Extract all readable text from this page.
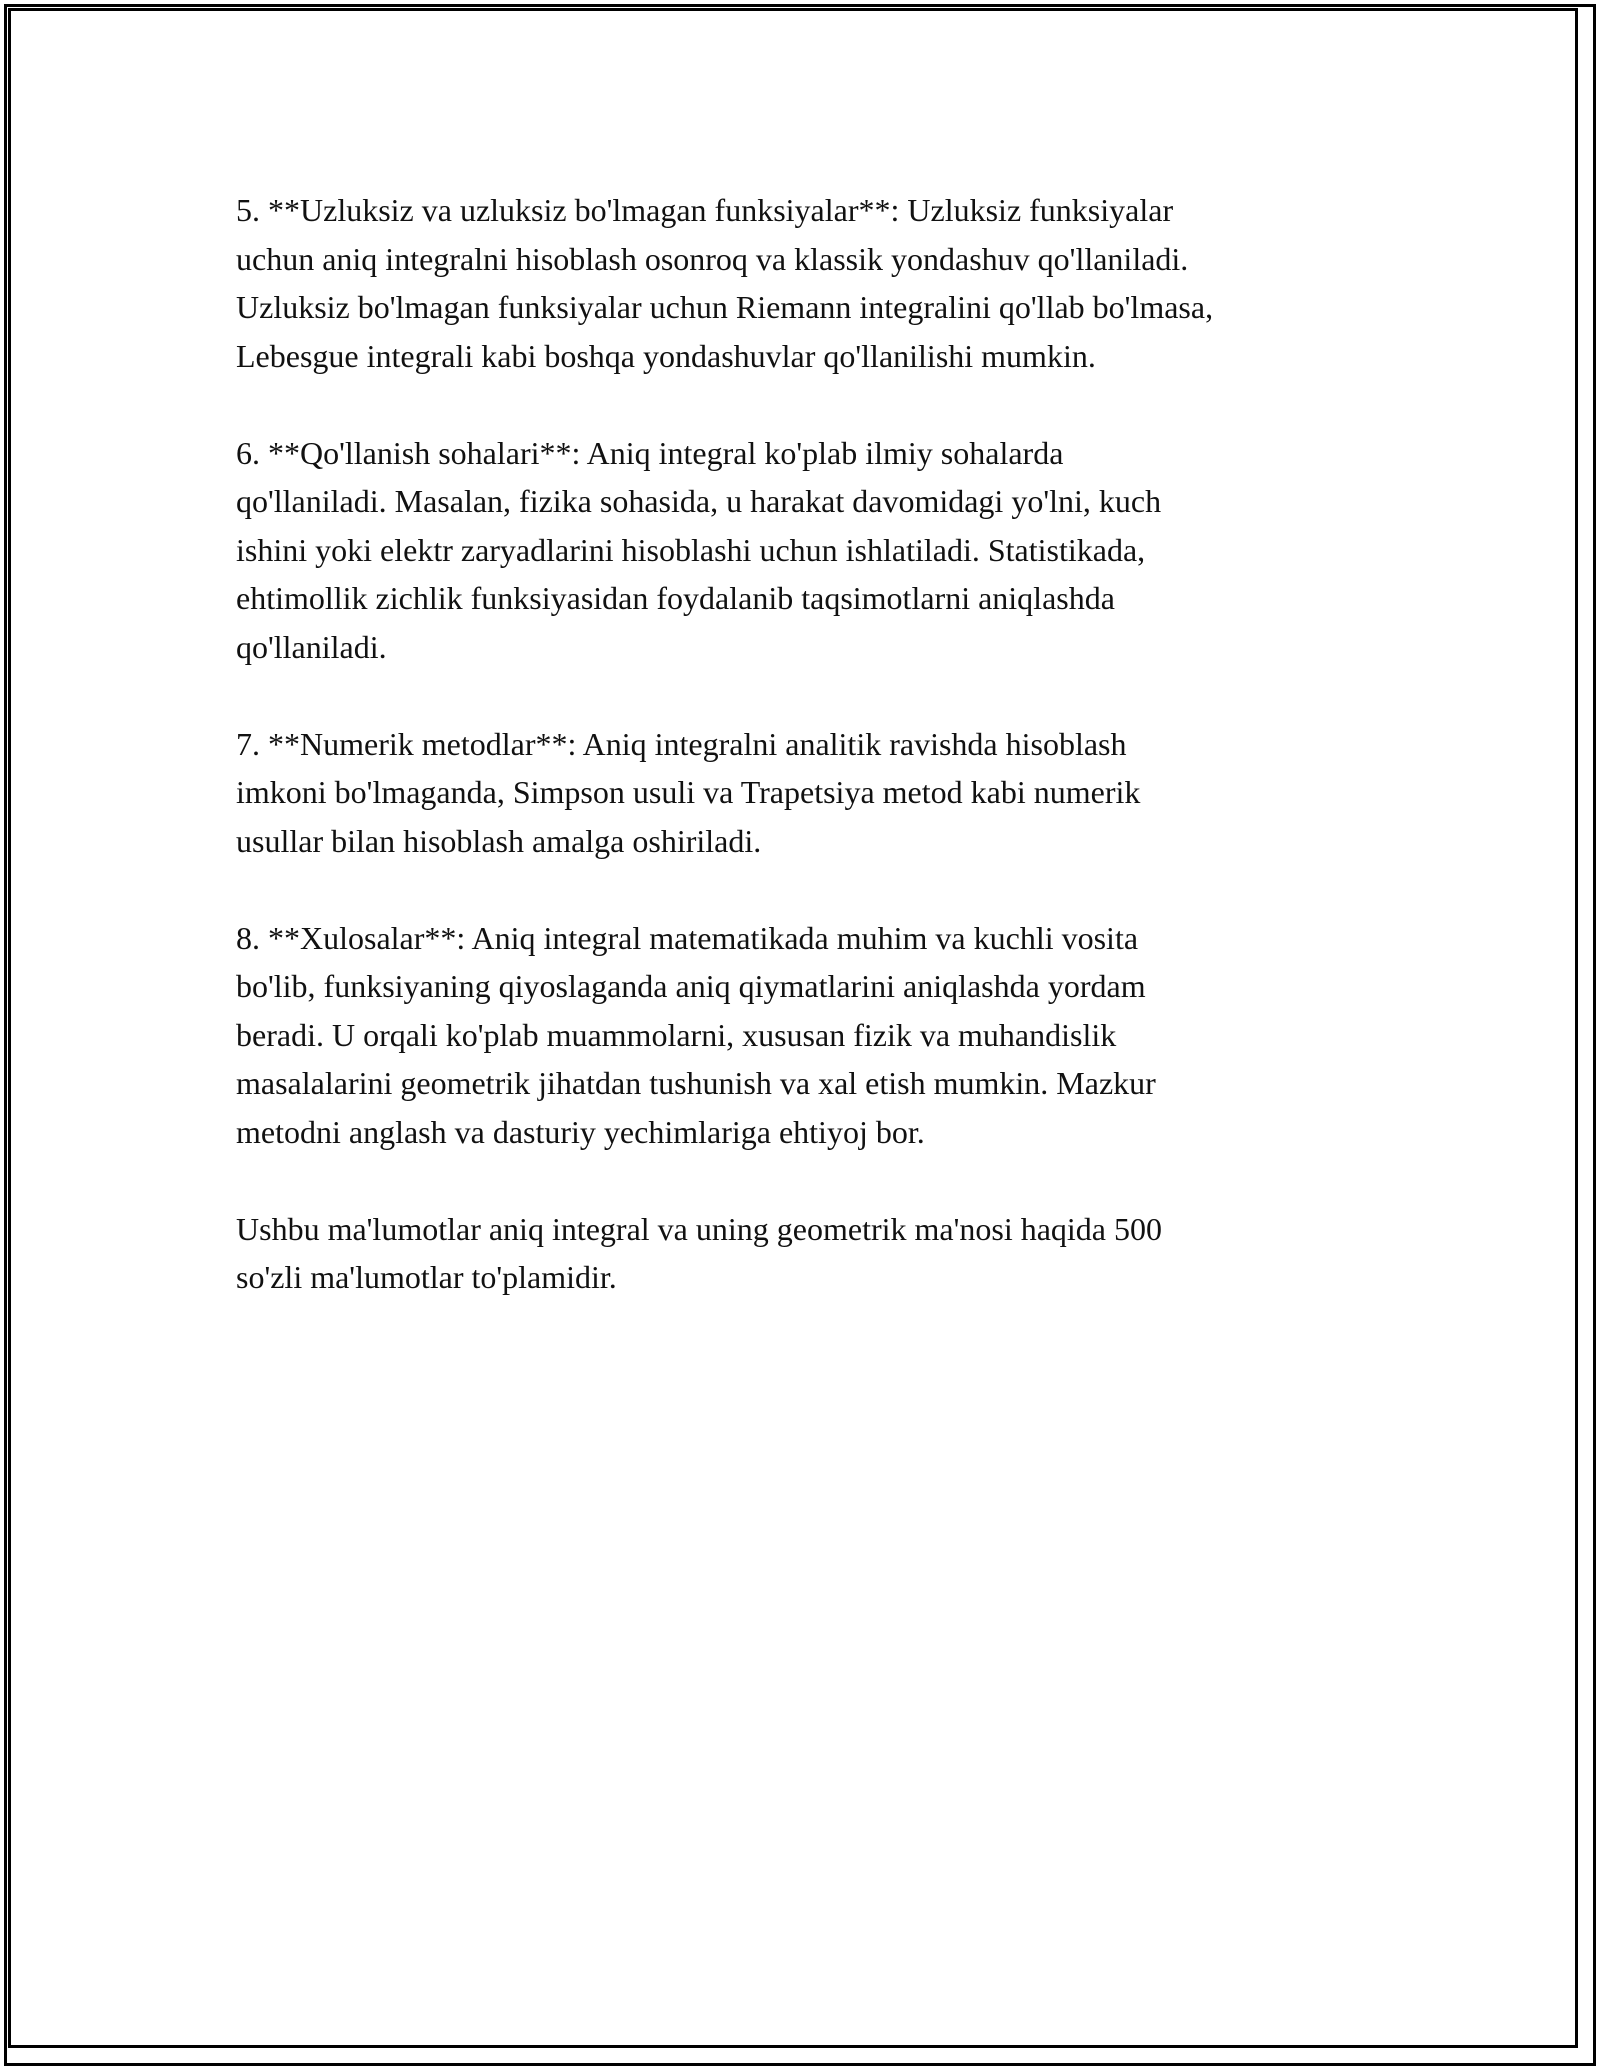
5. **Uzluksiz va uzluksiz bo'lmagan funksiyalar**: Uzluksiz funksiyalar
uchun aniq integralni hisoblash osonroq va klassik yondashuv qo'llaniladi.
Uzluksiz bo'lmagan funksiyalar uchun Riemann integralini qo'llab bo'lmasa,
Lebesgue integrali kabi boshqa yondashuvlar qo'llanilishi mumkin.

6. **Qo'llanish sohalari**: Aniq integral ko'plab ilmiy sohalarda
qo'llaniladi. Masalan, fizika sohasida, u harakat davomidagi yo'lni, kuch
ishini yoki elektr zaryadlarini hisoblashi uchun ishlatiladi. Statistikada,
ehtimollik zichlik funksiyasidan foydalanib taqsimotlarni aniqlashda
qo'llaniladi.

7. **Numerik metodlar**: Aniq integralni analitik ravishda hisoblash
imkoni bo'lmaganda, Simpson usuli va Trapetsiya metod kabi numerik
usullar bilan hisoblash amalga oshiriladi.

8. **Xulosalar**: Aniq integral matematikada muhim va kuchli vosita
bo'lib, funksiyaning qiyoslaganda aniq qiymatlarini aniqlashda yordam
beradi. U orqali ko'plab muammolarni, xususan fizik va muhandislik
masalalarini geometrik jihatdan tushunish va xal etish mumkin. Mazkur
metodni anglash va dasturiy yechimlariga ehtiyoj bor.

Ushbu ma'lumotlar aniq integral va uning geometrik ma'nosi haqida 500
so'zli ma'lumotlar to'plamidir.
